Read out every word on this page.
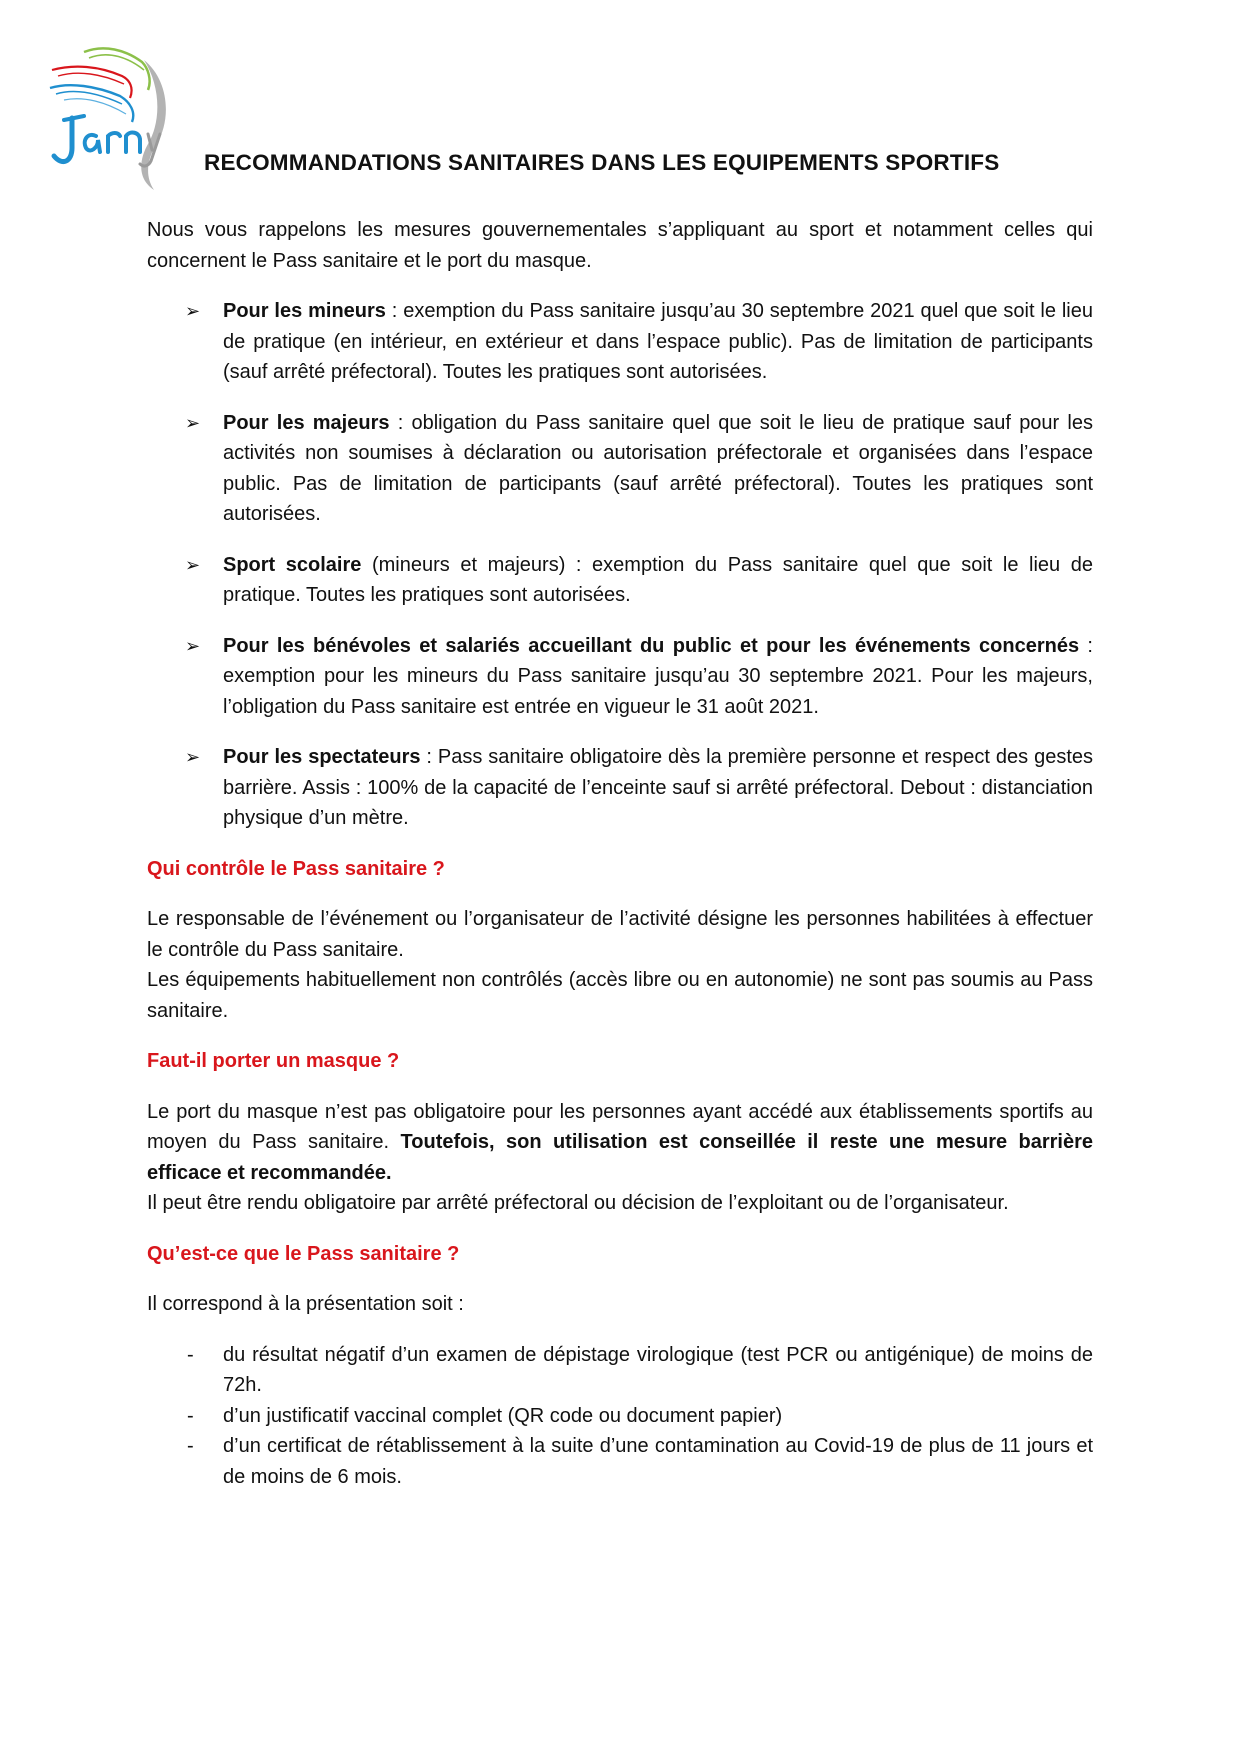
RECOMMANDATIONS SANITAIRES DANS LES EQUIPEMENTS SPORTIFS

Nous vous rappelons les mesures gouvernementales s’appliquant au sport et notamment celles qui concernent le Pass sanitaire et le port du masque.

➢ Pour les mineurs : exemption du Pass sanitaire jusqu’au 30 septembre 2021 quel que soit le lieu de pratique (en intérieur, en extérieur et dans l’espace public). Pas de limitation de participants (sauf arrêté préfectoral). Toutes les pratiques sont autorisées.
➢ Pour les majeurs : obligation du Pass sanitaire quel que soit le lieu de pratique sauf pour les activités non soumises à déclaration ou autorisation préfectorale et organisées dans l’espace public. Pas de limitation de participants (sauf arrêté préfectoral). Toutes les pratiques sont autorisées.
➢ Sport scolaire (mineurs et majeurs) : exemption du Pass sanitaire quel que soit le lieu de pratique. Toutes les pratiques sont autorisées.
➢ Pour les bénévoles et salariés accueillant du public et pour les événements concernés : exemption pour les mineurs du Pass sanitaire jusqu’au 30 septembre 2021. Pour les majeurs, l’obligation du Pass sanitaire est entrée en vigueur le 31 août 2021.
➢ Pour les spectateurs : Pass sanitaire obligatoire dès la première personne et respect des gestes barrière. Assis : 100% de la capacité de l’enceinte sauf si arrêté préfectoral. Debout : distanciation physique d’un mètre.

Qui contrôle le Pass sanitaire ?

Le responsable de l’événement ou l’organisateur de l’activité désigne les personnes habilitées à effectuer le contrôle du Pass sanitaire.

Les équipements habituellement non contrôlés (accès libre ou en autonomie) ne sont pas soumis au Pass sanitaire.

Faut-il porter un masque ?

Le port du masque n’est pas obligatoire pour les personnes ayant accédé aux établissements sportifs au moyen du Pass sanitaire. Toutefois, son utilisation est conseillée il reste une mesure barrière efficace et recommandée.

Il peut être rendu obligatoire par arrêté préfectoral ou décision de l’exploitant ou de l’organisateur.

Qu’est-ce que le Pass sanitaire ?

Il correspond à la présentation soit :

- du résultat négatif d’un examen de dépistage virologique (test PCR ou antigénique) de moins de 72h.
- d’un justificatif vaccinal complet (QR code ou document papier)
- d’un certificat de rétablissement à la suite d’une contamination au Covid-19 de plus de 11 jours et de moins de 6 mois.
